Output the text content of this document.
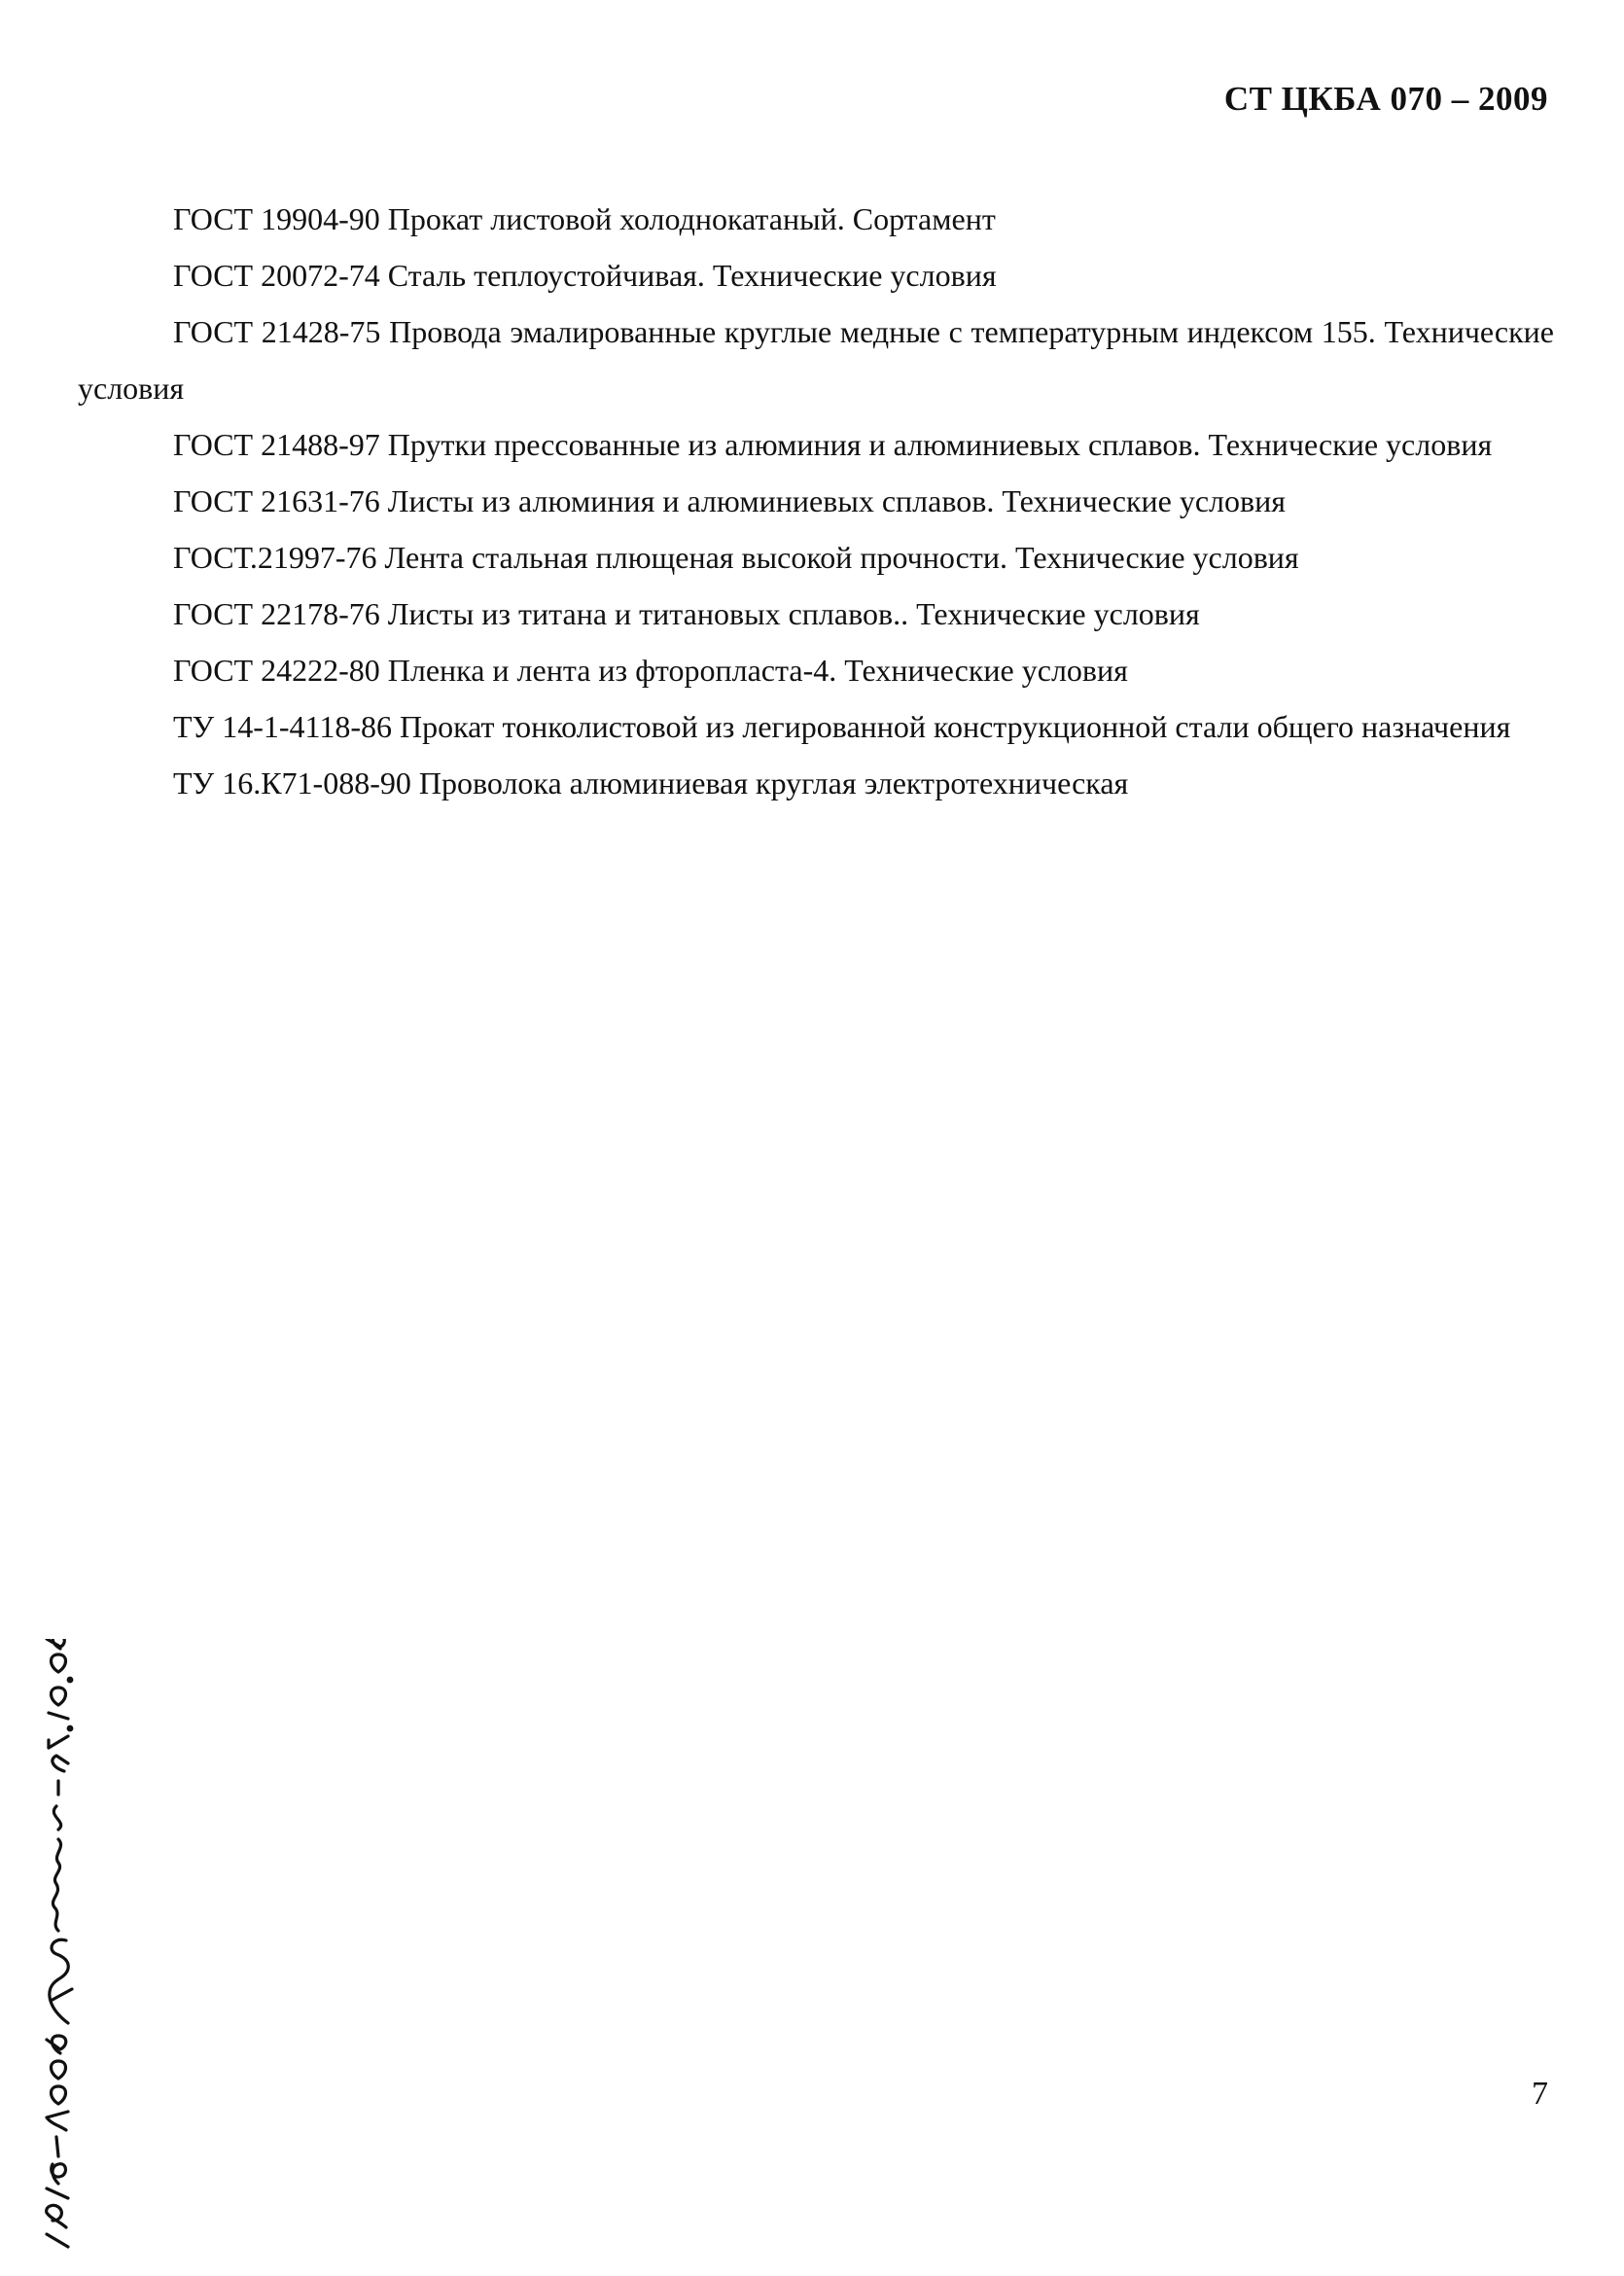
СТ ЦКБА 070 – 2009
ГОСТ 19904-90 Прокат листовой холоднокатаный. Сортамент
ГОСТ 20072-74 Сталь теплоустойчивая. Технические условия
ГОСТ 21428-75 Провода эмалированные круглые медные с температурным индексом 155. Технические условия
ГОСТ 21488-97 Прутки прессованные из алюминия и алюминиевых сплавов. Технические условия
ГОСТ 21631-76 Листы из алюминия и алюминиевых сплавов. Технические условия
ГОСТ.21997-76 Лента стальная плющеная высокой прочности. Технические условия
ГОСТ 22178-76 Листы из титана и титановых сплавов.. Технические условия
ГОСТ 24222-80 Пленка и лента из фторопласта-4. Технические условия
ТУ 14-1-4118-86 Прокат тонколистовой из легированной конструкционной стали общего назначения
ТУ 16.К71-088-90 Проволока алюминиевая круглая электротехническая
7
